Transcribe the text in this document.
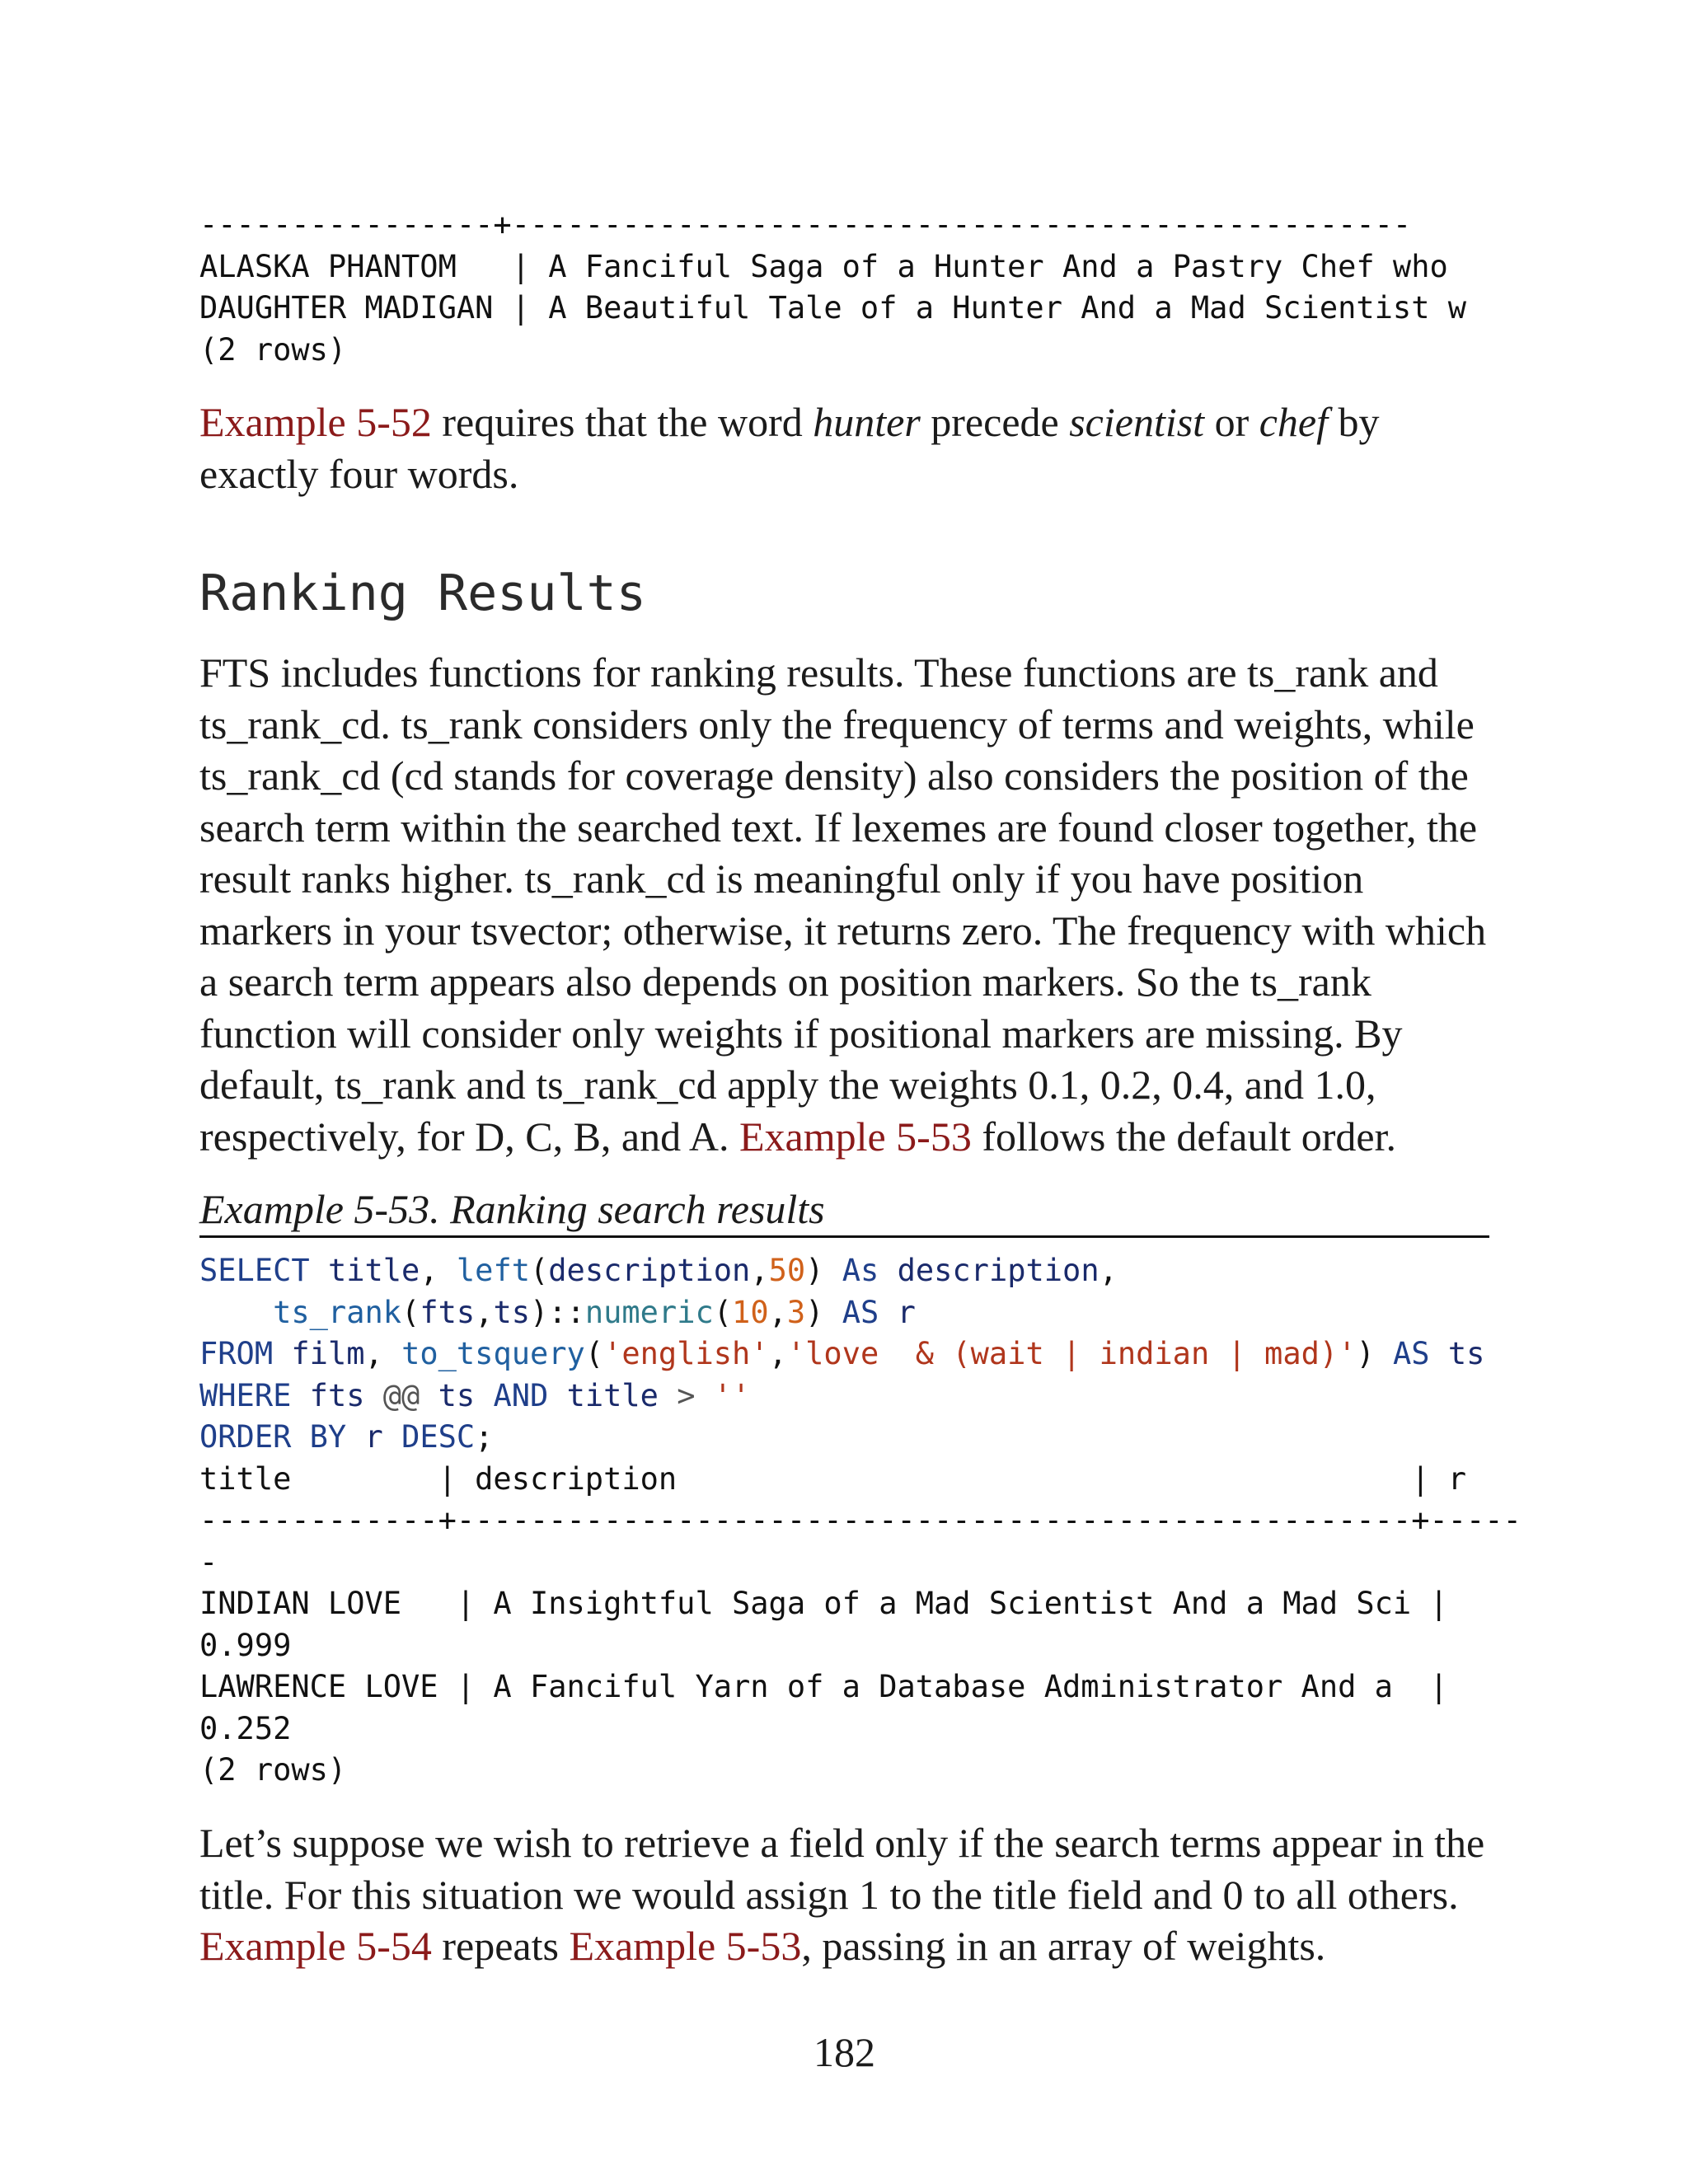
----------------+-------------------------------------------------
ALASKA PHANTOM   | A Fanciful Saga of a Hunter And a Pastry Chef who
DAUGHTER MADIGAN | A Beautiful Tale of a Hunter And a Mad Scientist w
(2 rows)
Example 5-52 requires that the word hunter precede scientist or chef by exactly four words.
Ranking Results
FTS includes functions for ranking results. These functions are ts_rank and ts_rank_cd. ts_rank considers only the frequency of terms and weights, while ts_rank_cd (cd stands for coverage density) also considers the position of the search term within the searched text. If lexemes are found closer together, the result ranks higher. ts_rank_cd is meaningful only if you have position markers in your tsvector; otherwise, it returns zero. The frequency with which a search term appears also depends on position markers. So the ts_rank function will consider only weights if positional markers are missing. By default, ts_rank and ts_rank_cd apply the weights 0.1, 0.2, 0.4, and 1.0, respectively, for D, C, B, and A. Example 5-53 follows the default order.
Example 5-53. Ranking search results
SELECT title, left(description,50) As description,
ts_rank(fts,ts)::numeric(10,3) AS r
FROM film, to_tsquery('english','love  & (wait | indian | mad)') AS ts
WHERE fts @@ ts AND title > ''
ORDER BY r DESC;
title        | description                                        | r
-------------+----------------------------------------------------+-----
-
INDIAN LOVE   | A Insightful Saga of a Mad Scientist And a Mad Sci |
0.999
LAWRENCE LOVE | A Fanciful Yarn of a Database Administrator And a  |
0.252
(2 rows)
Let’s suppose we wish to retrieve a field only if the search terms appear in the title. For this situation we would assign 1 to the title field and 0 to all others. Example 5-54 repeats Example 5-53, passing in an array of weights.
182
